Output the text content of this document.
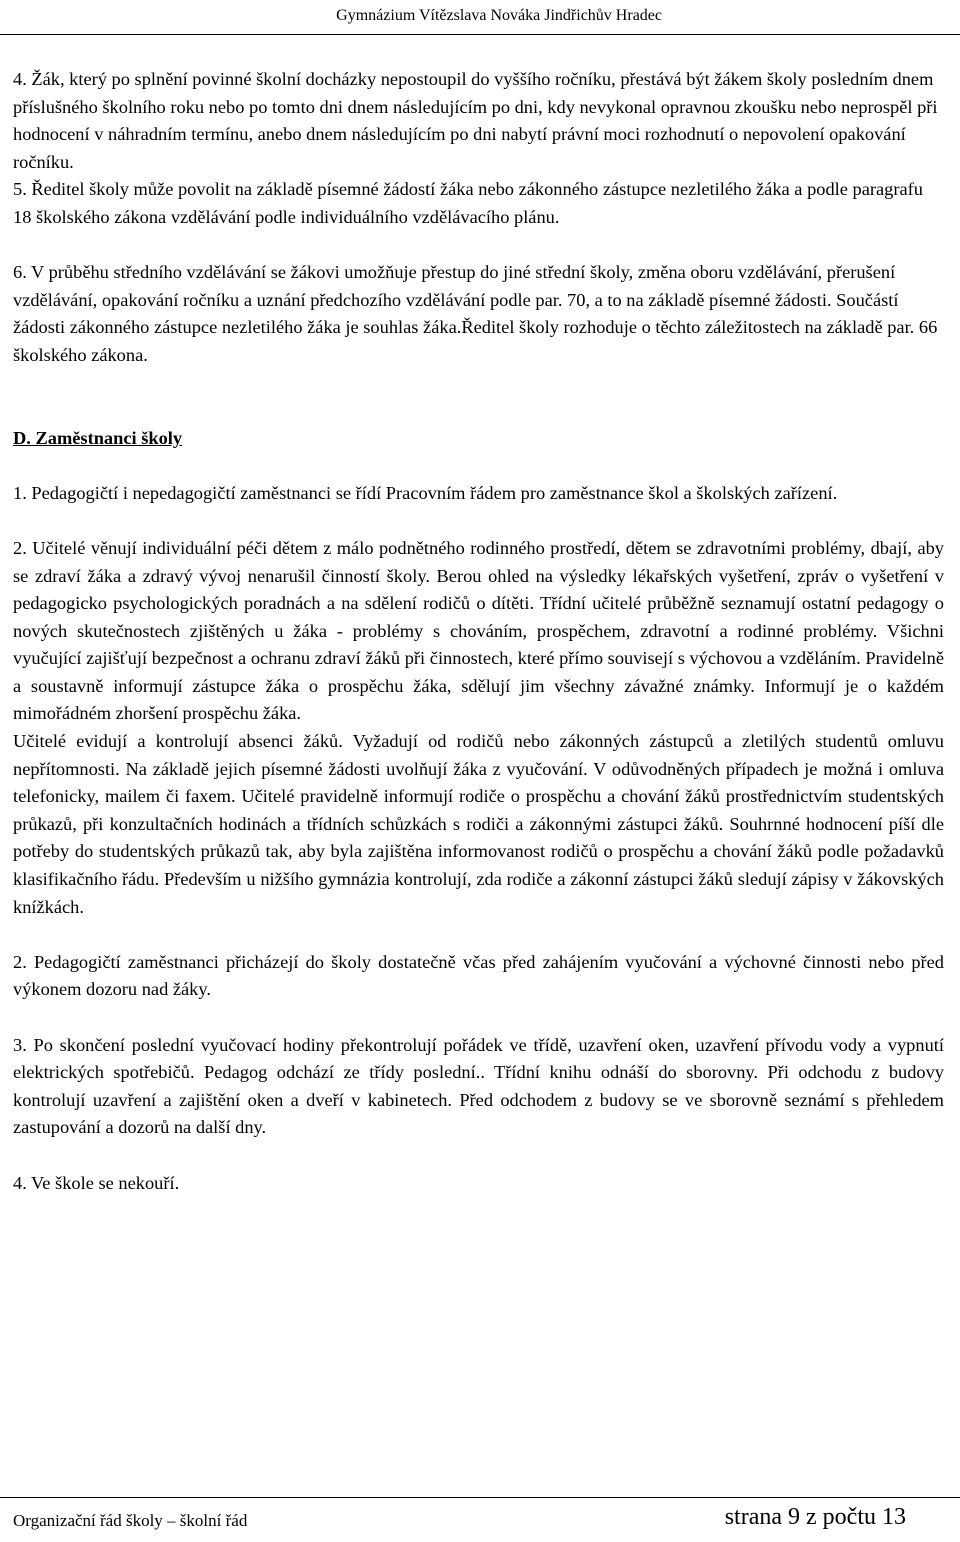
Gymnázium Vítězslava Nováka Jindřichův Hradec

4. Žák, který po splnění povinné školní docházky nepostoupil do vyššího ročníku, přestává být žákem školy posledním dnem příslušného školního roku nebo po tomto dni dnem následujícím po dni, kdy nevykonal opravnou zkoušku nebo neprospěl při hodnocení v náhradním termínu, anebo dnem následujícím po dni nabytí právní moci rozhodnutí o nepovolení opakování ročníku.

5. Ředitel školy může povolit na základě písemné žádostí žáka nebo zákonného zástupce nezletilého žáka a podle paragrafu 18 školského zákona vzdělávání podle individuálního vzdělávacího plánu.

6. V průběhu středního vzdělávání se žákovi umožňuje přestup do jiné střední školy, změna oboru vzdělávání, přerušení vzdělávání, opakování ročníku a uznání předchozího vzdělávání podle par. 70, a to na základě písemné žádosti. Součástí žádosti zákonného zástupce nezletilého žáka je souhlas žáka.Ředitel školy rozhoduje o těchto záležitostech na základě par. 66 školského zákona.

D. Zaměstnanci školy

1. Pedagogičtí i nepedagogičtí zaměstnanci se řídí Pracovním řádem pro zaměstnance škol a školských zařízení.

2. Učitelé věnují individuální péči dětem z málo podnětného rodinného prostředí, dětem se zdravotními problémy, dbají, aby se zdraví žáka a zdravý vývoj nenarušil činností školy. Berou ohled na výsledky lékařských vyšetření, zpráv o vyšetření v pedagogicko psychologických poradnách a na sdělení rodičů o dítěti. Třídní učitelé průběžně seznamují ostatní pedagogy o nových skutečnostech zjištěných u žáka - problémy s chováním, prospěchem, zdravotní a rodinné problémy. Všichni vyučující zajišťují bezpečnost a ochranu zdraví žáků při činnostech, které přímo souvisejí s výchovou a vzděláním. Pravidelně a soustavně informují zástupce žáka o prospěchu žáka, sdělují jim všechny závažné známky. Informují je o každém mimořádném zhoršení prospěchu žáka.

Učitelé evidují a kontrolují absenci žáků. Vyžadují od rodičů nebo zákonných zástupců a zletilých studentů omluvu nepřítomnosti. Na základě jejich písemné žádosti uvolňují žáka z vyučování. V odůvodněných případech je možná i omluva telefonicky, mailem či faxem. Učitelé pravidelně informují rodiče o prospěchu a chování žáků prostřednictvím studentských průkazů, při konzultačních hodinách a třídních schůzkách s rodiči a zákonnými zástupci žáků. Souhrnné hodnocení píší dle potřeby do studentských průkazů tak, aby byla zajištěna informovanost rodičů o prospěchu a chování žáků podle požadavků klasifikačního řádu. Především u nižšího gymnázia kontrolují, zda rodiče a zákonní zástupci žáků sledují zápisy v žákovských knížkách.

2. Pedagogičtí zaměstnanci přicházejí do školy dostatečně včas před zahájením vyučování a výchovné činnosti nebo před výkonem dozoru nad žáky.

3. Po skončení poslední vyučovací hodiny překontrolují pořádek ve třídě, uzavření oken, uzavření přívodu vody a vypnutí elektrických spotřebičů. Pedagog odchází ze třídy poslední.. Třídní knihu odnáší do sborovny. Při odchodu z budovy kontrolují uzavření a zajištění oken a dveří v kabinetech. Před odchodem z budovy se ve sborovně seznámí s přehledem zastupování a dozorů na další dny.

4. Ve škole se nekouří.

Organizační řád školy – školní řád	strana 9 z počtu 13
